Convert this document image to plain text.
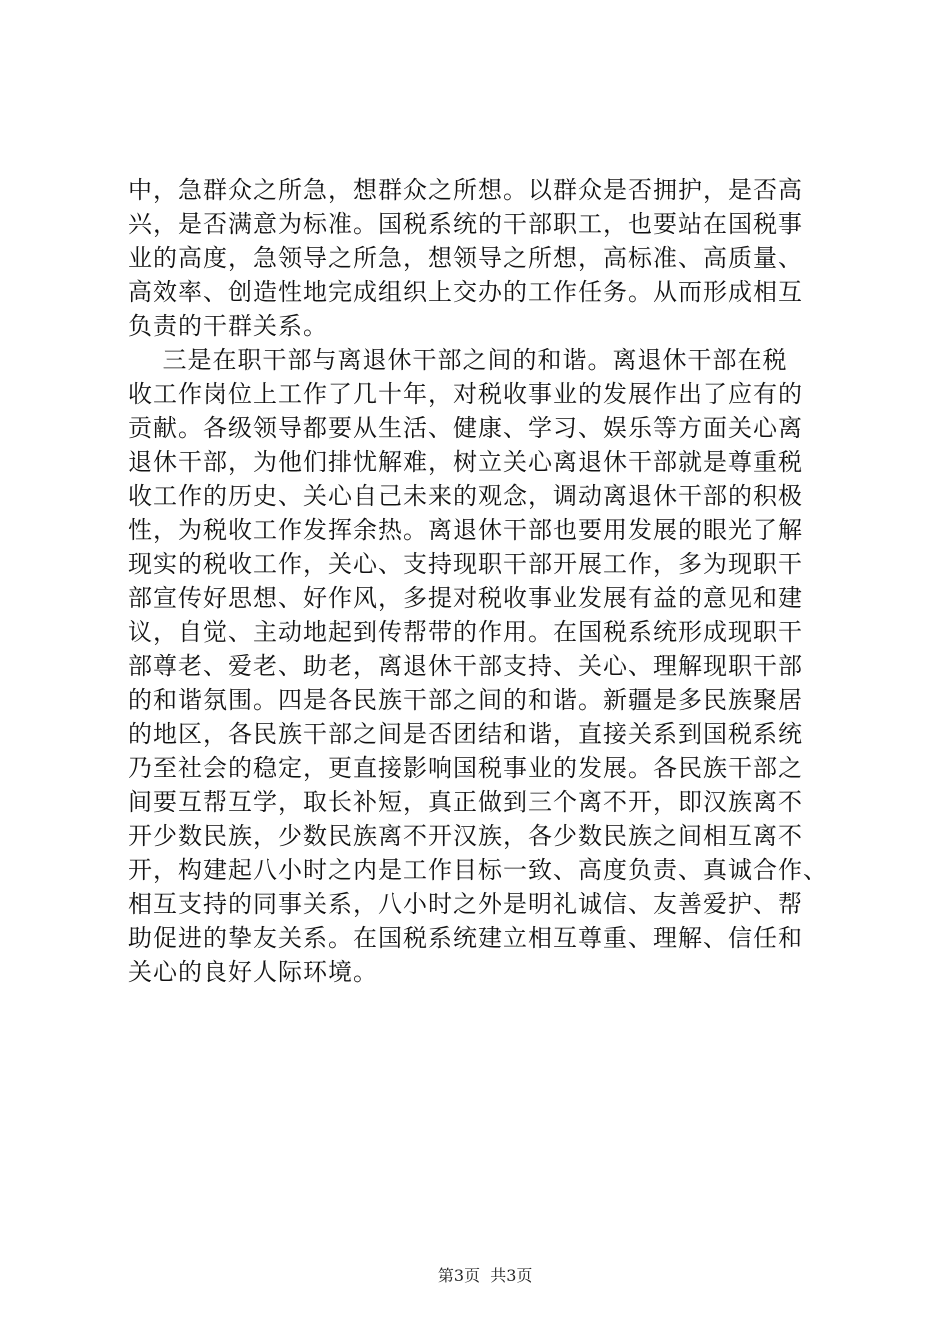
中，急群众之所急，想群众之所想。以群众是否拥护，是否高
兴，是否满意为标准。国税系统的干部职工，也要站在国税事
业的高度，急领导之所急，想领导之所想，高标准、高质量、
高效率、创造性地完成组织上交办的工作任务。从而形成相互
负责的干群关系。
三是在职干部与离退休干部之间的和谐。离退休干部在税
收工作岗位上工作了几十年，对税收事业的发展作出了应有的
贡献。各级领导都要从生活、健康、学习、娱乐等方面关心离
退休干部，为他们排忧解难，树立关心离退休干部就是尊重税
收工作的历史、关心自己未来的观念，调动离退休干部的积极
性，为税收工作发挥余热。离退休干部也要用发展的眼光了解
现实的税收工作，关心、支持现职干部开展工作，多为现职干
部宣传好思想、好作风，多提对税收事业发展有益的意见和建
议，自觉、主动地起到传帮带的作用。在国税系统形成现职干
部尊老、爱老、助老，离退休干部支持、关心、理解现职干部
的和谐氛围。四是各民族干部之间的和谐。新疆是多民族聚居
的地区，各民族干部之间是否团结和谐，直接关系到国税系统
乃至社会的稳定，更直接影响国税事业的发展。各民族干部之
间要互帮互学，取长补短，真正做到三个离不开，即汉族离不
开少数民族，少数民族离不开汉族，各少数民族之间相互离不
开，构建起八小时之内是工作目标一致、高度负责、真诚合作、
相互支持的同事关系，八小时之外是明礼诚信、友善爱护、帮
助促进的挚友关系。在国税系统建立相互尊重、理解、信任和
关心的良好人际环境。

第3页  共3页
